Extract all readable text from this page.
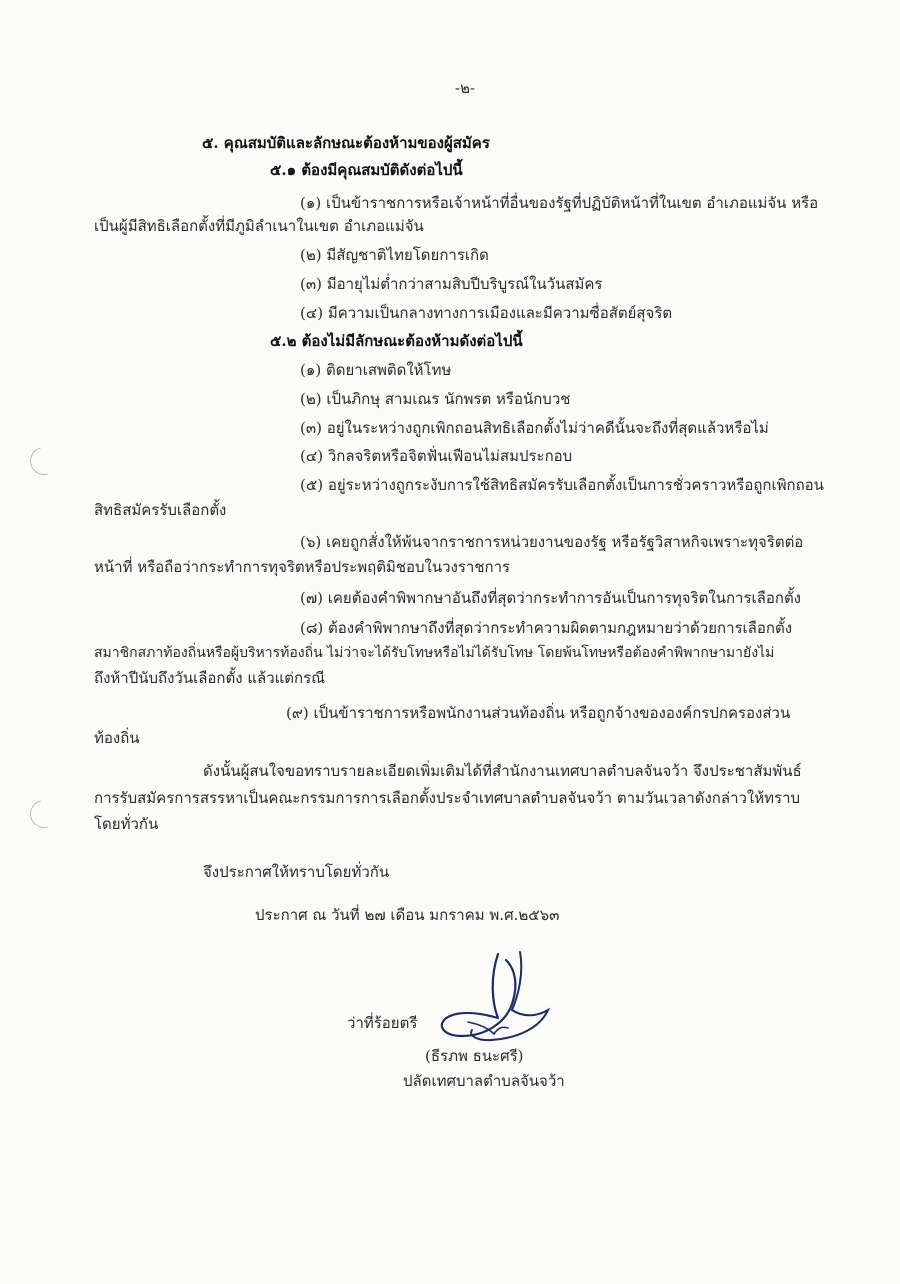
-๒-
๕. คุณสมบัติและลักษณะต้องห้ามของผู้สมัคร
๕.๑ ต้องมีคุณสมบัติดังต่อไปนี้
(๑) เป็นข้าราชการหรือเจ้าหน้าที่อื่นของรัฐที่ปฏิบัติหน้าที่ในเขต อำเภอแม่จัน หรือ
เป็นผู้มีสิทธิเลือกตั้งที่มีภูมิลำเนาในเขต อำเภอแม่จัน
(๒) มีสัญชาติไทยโดยการเกิด
(๓) มีอายุไม่ต่ำกว่าสามสิบปีบริบูรณ์ในวันสมัคร
(๔) มีความเป็นกลางทางการเมืองและมีความซื่อสัตย์สุจริต
๕.๒ ต้องไม่มีลักษณะต้องห้ามดังต่อไปนี้
(๑) ติดยาเสพติดให้โทษ
(๒) เป็นภิกษุ สามเณร นักพรต หรือนักบวช
(๓) อยู่ในระหว่างถูกเพิกถอนสิทธิเลือกตั้งไม่ว่าคดีนั้นจะถึงที่สุดแล้วหรือไม่
(๔) วิกลจริตหรือจิตฟั่นเฟือนไม่สมประกอบ
(๕) อยู่ระหว่างถูกระงับการใช้สิทธิสมัครรับเลือกตั้งเป็นการชั่วคราวหรือถูกเพิกถอน
สิทธิสมัครรับเลือกตั้ง
(๖) เคยถูกสั่งให้พ้นจากราชการหน่วยงานของรัฐ หรือรัฐวิสาหกิจเพราะทุจริตต่อ
หน้าที่ หรือถือว่ากระทำการทุจริตหรือประพฤติมิชอบในวงราชการ
(๗) เคยต้องคำพิพากษาอันถึงที่สุดว่ากระทำการอันเป็นการทุจริตในการเลือกตั้ง
(๘) ต้องคำพิพากษาถึงที่สุดว่ากระทำความผิดตามกฎหมายว่าด้วยการเลือกตั้ง
สมาชิกสภาท้องถิ่นหรือผู้บริหารท้องถิ่น ไม่ว่าจะได้รับโทษหรือไม่ได้รับโทษ โดยพ้นโทษหรือต้องคำพิพากษามายังไม่
ถึงห้าปีนับถึงวันเลือกตั้ง แล้วแต่กรณี
(๙) เป็นข้าราชการหรือพนักงานส่วนท้องถิ่น หรือถูกจ้างขององค์กรปกครองส่วน
ท้องถิ่น
ดังนั้นผู้สนใจขอทราบรายละเอียดเพิ่มเติมได้ที่สำนักงานเทศบาลตำบลจันจว้า จึงประชาสัมพันธ์
การรับสมัครการสรรหาเป็นคณะกรรมการการเลือกตั้งประจำเทศบาลตำบลจันจว้า ตามวันเวลาดังกล่าวให้ทราบ
โดยทั่วกัน
จึงประกาศให้ทราบโดยทั่วกัน
ประกาศ ณ วันที่ ๒๗ เดือน มกราคม พ.ศ.๒๕๖๓
ว่าที่ร้อยตรี
(ธีรภพ ธนะศรี)
ปลัดเทศบาลตำบลจันจว้า
